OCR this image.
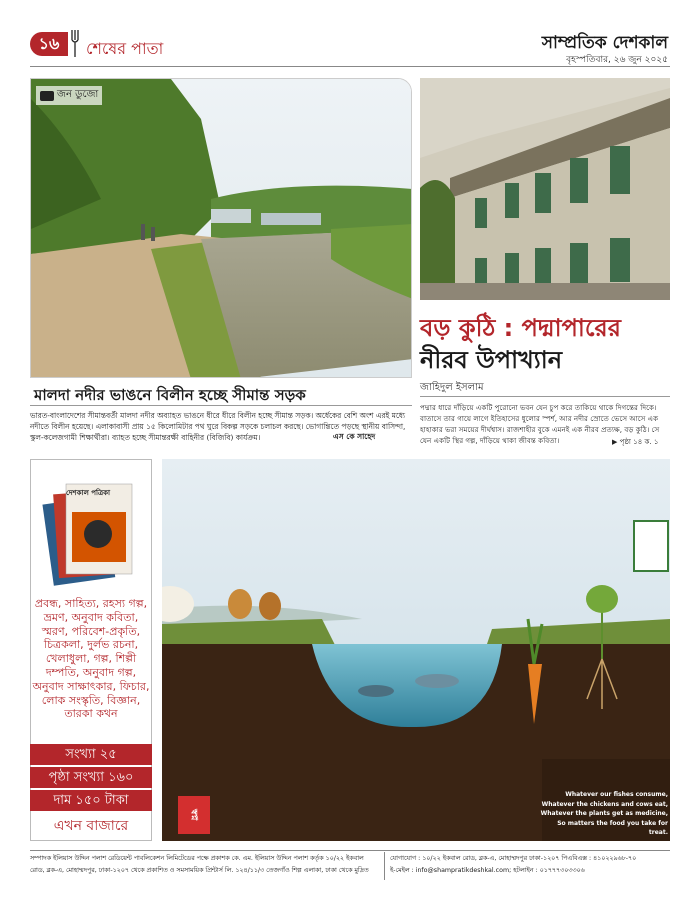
১৬	শেষের পাতা	সাম্প্রতিক দেশকাল
বৃহস্পতিবার, ২৬ জুন ২০২৫
জন ডুজো
মালদা নদীর ভাঙনে বিলীন হচ্ছে সীমান্ত সড়ক
ভারত-বাংলাদেশের সীমান্তবর্তী মালদা নদীর অব্যাহত ভাঙনে ধীরে ধীরে বিলীন হচ্ছে সীমান্ত সড়ক। অর্ধেকের বেশি অংশ এরই মধ্যে নদীতে বিলীন হয়েছে। এলাকাবাসী প্রায় ১৫ কিলোমিটার পথ ঘুরে বিকল্প সড়কে চলাচল করছে। ভোগান্তিতে পড়ছে স্থানীয় বাসিন্দা, স্কুল-কলেজগামী শিক্ষার্থীরা। ব্যাহত হচ্ছে সীমান্তরক্ষী বাহিনীর (বিজিবি) কার্যক্রম।	এস কে সাহেদ
বড় কুঠি : পদ্মাপারের
নীরব উপাখ্যান
জাহিদুল ইসলাম
পদ্মার ধারে দাঁড়িয়ে একটি পুরোনো ভবন যেন চুপ করে তাকিয়ে থাকে দিগন্তের দিকে। বাতাসে তার গায়ে লাগে ইতিহাসের ধুলোর স্পর্শ, আর নদীর স্রোতে ভেসে আসে এক হাহাকার ভরা সময়ের দীর্ঘশ্বাস। রাজশাহীর বুকে এমনই এক নীরব প্রত্যক্ষ, বড় কুঠি। সে যেন একটি স্থির গল্প, দাঁড়িয়ে থাকা জীবন্ত কবিতা।	▶ পৃষ্ঠা ১৪ ক. ১
দেশকাল পত্রিকা
প্রবন্ধ, সাহিত্য, রহস্য গল্প, ভ্রমণ, অনুবাদ কবিতা, স্মরণ, পরিবেশ-প্রকৃতি, চিত্রকলা, দুর্লভ রচনা, খেলাধুলা, গল্প, শিল্পী দম্পতি, অনুবাদ গল্প, অনুবাদ সাক্ষাৎকার, ফিচার, লোক সংস্কৃতি, বিজ্ঞান, তারকা কথন
সংখ্যা ২৫
পৃষ্ঠা সংখ্যা ১৬০
দাম ১৫০ টাকা
এখন বাজারে
Whatever our fishes consume,
Whatever the chickens and cows eat,
Whatever the plants get as medicine,
So matters the food you take for treat.
স্বপ্ন
সম্পাদক ইলিয়াস উদ্দিন পলাশ রেডিয়েন্ট পাবলিকেশন লিমিটেডের পক্ষে প্রকাশক কে. এম. ইলিয়াস উদ্দিন পলাশ কর্তৃক ১০/২২ ইকবাল রোড, ব্লক-এ, মোহাম্মদপুর, ঢাকা-১২০৭ থেকে প্রকাশিত ও সমসাময়িক প্রিন্টার্স লি. ১২৪/১১/৩ তেজগাঁও শিল্প এলাকা, ঢাকা থেকে মুদ্রিত
যোগাযোগ : ১০/২২ ইকবাল রোড, ব্লক-এ, মোহাম্মদপুর ঢাকা-১২০৭ পিএবিএক্স : ৪১০২২৯৬৮-৭০
ই-মেইল : info@shampratikdeshkal.com; হটলাইন : ০১৭৭৭৩০৩৩০৬
